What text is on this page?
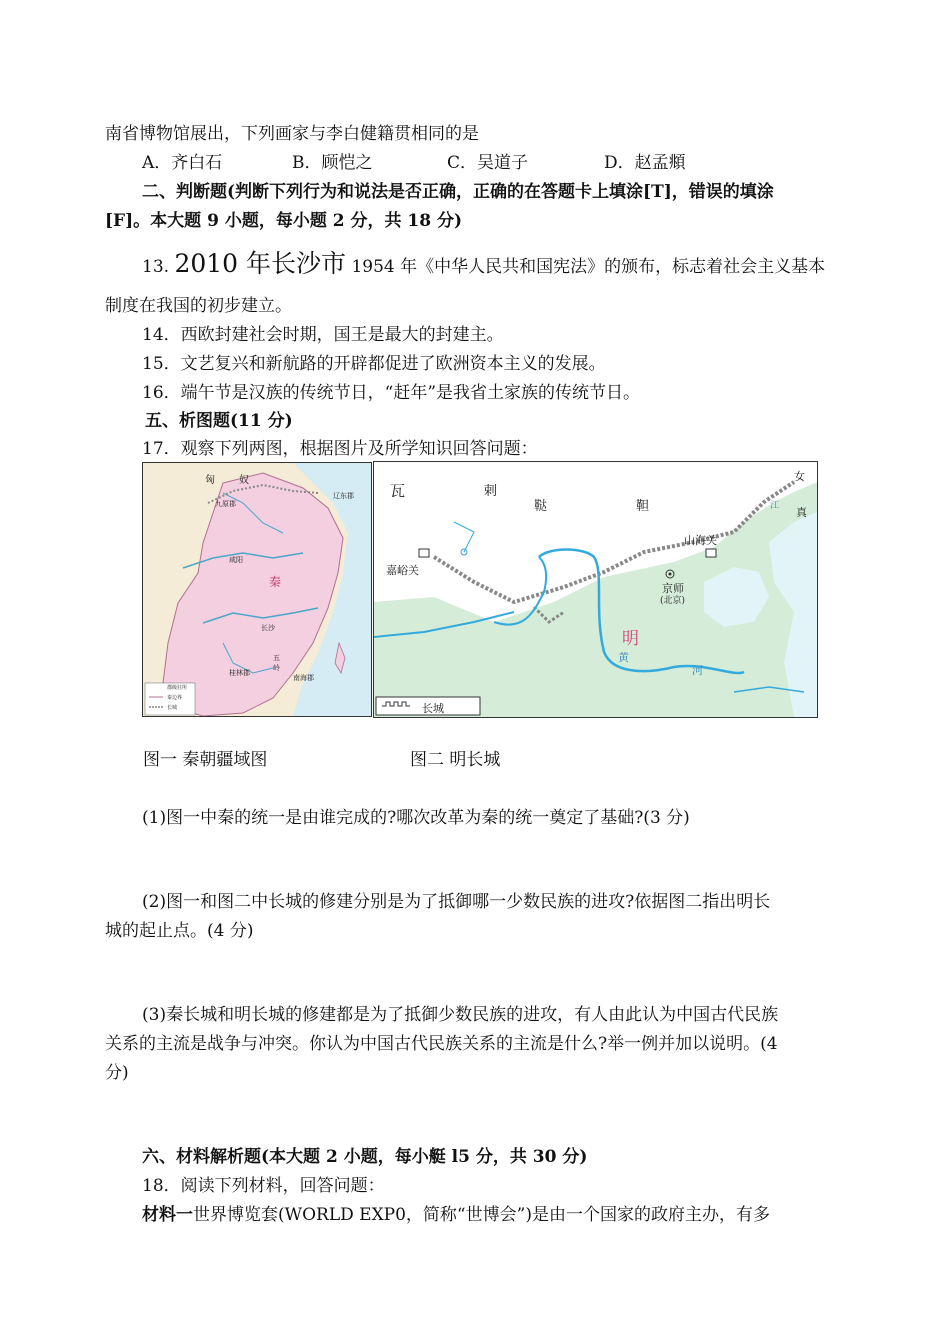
南省博物馆展出，下列画家与李白健籍贯相同的是
A．齐白石	B．顾恺之	C．吴道子	D．赵孟頫
二、判断题(判断下列行为和说法是否正确，正确的在答题卡上填涂[T]，错误的填涂
[F]。本大题 9 小题，每小题 2 分，共 18 分)
13. 2010 年长沙市 1954 年《中华人民共和国宪法》的颁布，标志着社会主义基本
制度在我国的初步建立。
14．西欧封建社会时期，国王是最大的封建主。
15．文艺复兴和新航路的开辟都促进了欧洲资本主义的发展。
16．端午节是汉族的传统节日，“赶年”是我省土家族的传统节日。
五、析图题(11 分)
17．观察下列两图，根据图片及所学知识回答问题：
匈 奴
九原郡
辽东郡
咸阳
秦
长沙
桂林郡
南海郡
五
岭
郡级驻所
秦边界
长城
瓦	剌
鞑	靼
女
真
嘉峪关
山海关
京师
(北京)
明
黄
河
江
长城
图一 秦朝疆域图	图二 明长城
(1)图一中秦的统一是由谁完成的?哪次改革为秦的统一奠定了基础?(3 分)
(2)图一和图二中长城的修建分别是为了抵御哪一少数民族的进攻?依据图二指出明长
城的起止点。(4 分)
(3)秦长城和明长城的修建都是为了抵御少数民族的进攻，有人由此认为中国古代民族
关系的主流是战争与冲突。你认为中国古代民族关系的主流是什么?举一例并加以说明。(4
分)
六、材料解析题(本大题 2 小题，每小艇 l5 分，共 30 分)
18．阅读下列材料，回答问题：
材料一世界博览套(WORLD EXP0，简称“世博会”)是由一个国家的政府主办，有多
